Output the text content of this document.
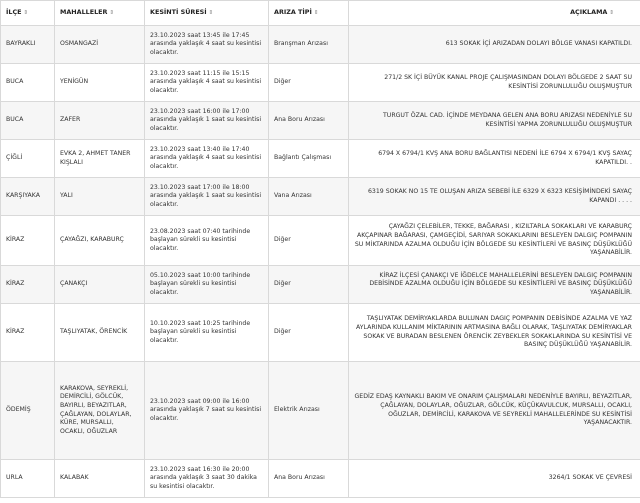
İLÇE ⇕	MAHALLELER ⇕	KESİNTİ SÜRESİ ⇕	ARIZA TİPİ ⇕	AÇIKLAMA ⇕
BAYRAKLI	OSMANGAZİ	23.10.2023 saat 13:45 ile 17:45 arasında yaklaşık 4 saat su kesintisi olacaktır.	Branşman Arızası	613 SOKAK İÇİ ARIZADAN DOLAYI BÖLGE VANASI KAPATILDI.
BUCA	YENİGÜN	23.10.2023 saat 11:15 ile 15:15 arasında yaklaşık 4 saat su kesintisi olacaktır.	Diğer	271/2 SK İÇİ BÜYÜK KANAL PROJE ÇALIŞMASINDAN DOLAYI BÖLGEDE 2 SAAT SU KESİNTİSİ ZORUNLULUĞU OLUŞMUŞTUR
BUCA	ZAFER	23.10.2023 saat 16:00 ile 17:00 arasında yaklaşık 1 saat su kesintisi olacaktır.	Ana Boru Arızası	TURGUT ÖZAL CAD. İÇİNDE MEYDANA GELEN ANA BORU ARIZASI NEDENİYLE SU KESİNTİSİ YAPMA ZORUNLULUĞU OLUŞMUŞTUR
ÇİĞLİ	EVKA 2, AHMET TANER KIŞLALI	23.10.2023 saat 13:40 ile 17:40 arasında yaklaşık 4 saat su kesintisi olacaktır.	Bağlantı Çalışması	6794 X 6794/1 KVŞ ANA BORU BAĞLANTISI NEDENİ İLE 6794 X 6794/1 KVŞ SAYAÇ KAPATILDI. .
KARŞIYAKA	YALI	23.10.2023 saat 17:00 ile 18:00 arasında yaklaşık 1 saat su kesintisi olacaktır.	Vana Arızası	6319 SOKAK NO 15 TE OLUŞAN ARIZA SEBEBİ İLE 6329 X 6323 KESİŞİMİNDEKİ SAYAÇ KAPANDI . . . .
KİRAZ	ÇAYAĞZI, KARABURÇ	23.08.2023 saat 07:40 tarihinde başlayan sürekli su kesintisi olacaktır.	Diğer	ÇAYAĞZI ÇELEBİLER, TEKKE, BAĞARASI , KIZILTARLA SOKAKLARI VE KARABURÇ AKÇAPINAR BAĞARASI, ÇAMGEÇİDİ, SARIYAR SOKAKLARINI BESLEYEN DALGIÇ POMPANIN SU MİKTARINDA AZALMA OLDUĞU İÇİN BÖLGEDE SU KESİNTİLERİ VE BASINÇ DÜŞÜKLÜĞÜ YAŞANABİLİR.
KİRAZ	ÇANAKÇI	05.10.2023 saat 10:00 tarihinde başlayan sürekli su kesintisi olacaktır.	Diğer	KİRAZ İLÇESİ ÇANAKÇI VE İĞDELCE MAHALLELERİNİ BESLEYEN DALGIÇ POMPANIN DEBİSİNDE AZALMA OLDUĞU İÇİN BÖLGEDE SU KESİNTİLERİ VE BASINÇ DÜŞÜKLÜĞÜ YAŞANABİLİR.
KİRAZ	TAŞLIYATAK, ÖRENCİK	10.10.2023 saat 10:25 tarihinde başlayan sürekli su kesintisi olacaktır.	Diğer	TAŞLIYATAK DEMİRYAKLARDA BULUNAN DAGIÇ POMPANIN DEBİSİNDE AZALMA VE YAZ AYLARINDA KULLANIM MİKTARININ ARTMASINA BAĞLI OLARAK, TAŞLIYATAK DEMİRYAKLAR SOKAK VE BURADAN BESLENEN ÖRENCİK ZEYBEKLER SOKAKLARINDA SU KESİNTİSİ VE BASINÇ DÜŞÜKLÜĞÜ YAŞANABİLİR.
ÖDEMİŞ	KARAKOVA, SEYREKLİ, DEMİRCİLİ, GÖLCÜK, BAYIRLI, BEYAZITLAR, ÇAĞLAYAN, DOLAYLAR, KÜRE, MURSALLI, OCAKLI, OĞUZLAR	23.10.2023 saat 09:00 ile 16:00 arasında yaklaşık 7 saat su kesintisi olacaktır.	Elektrik Arızası	GEDİZ EDAŞ KAYNAKLI BAKIM VE ONARIM ÇALIŞMALARI NEDENİYLE BAYIRLI, BEYAZITLAR, ÇAĞLAYAN, DOLAYLAR, OĞUZLAR, GÖLCÜK, KÜÇÜKAVULCUK, MURSALLI, OCAKLI, OĞUZLAR, DEMİRCİLİ, KARAKOVA VE SEYREKLİ MAHALLELERİNDE SU KESİNTİSİ YAŞANACAKTIR.
URLA	KALABAK	23.10.2023 saat 16:30 ile 20:00 arasında yaklaşık 3 saat 30 dakika su kesintisi olacaktır.	Ana Boru Arızası	3264/1 SOKAK VE ÇEVRESİ
